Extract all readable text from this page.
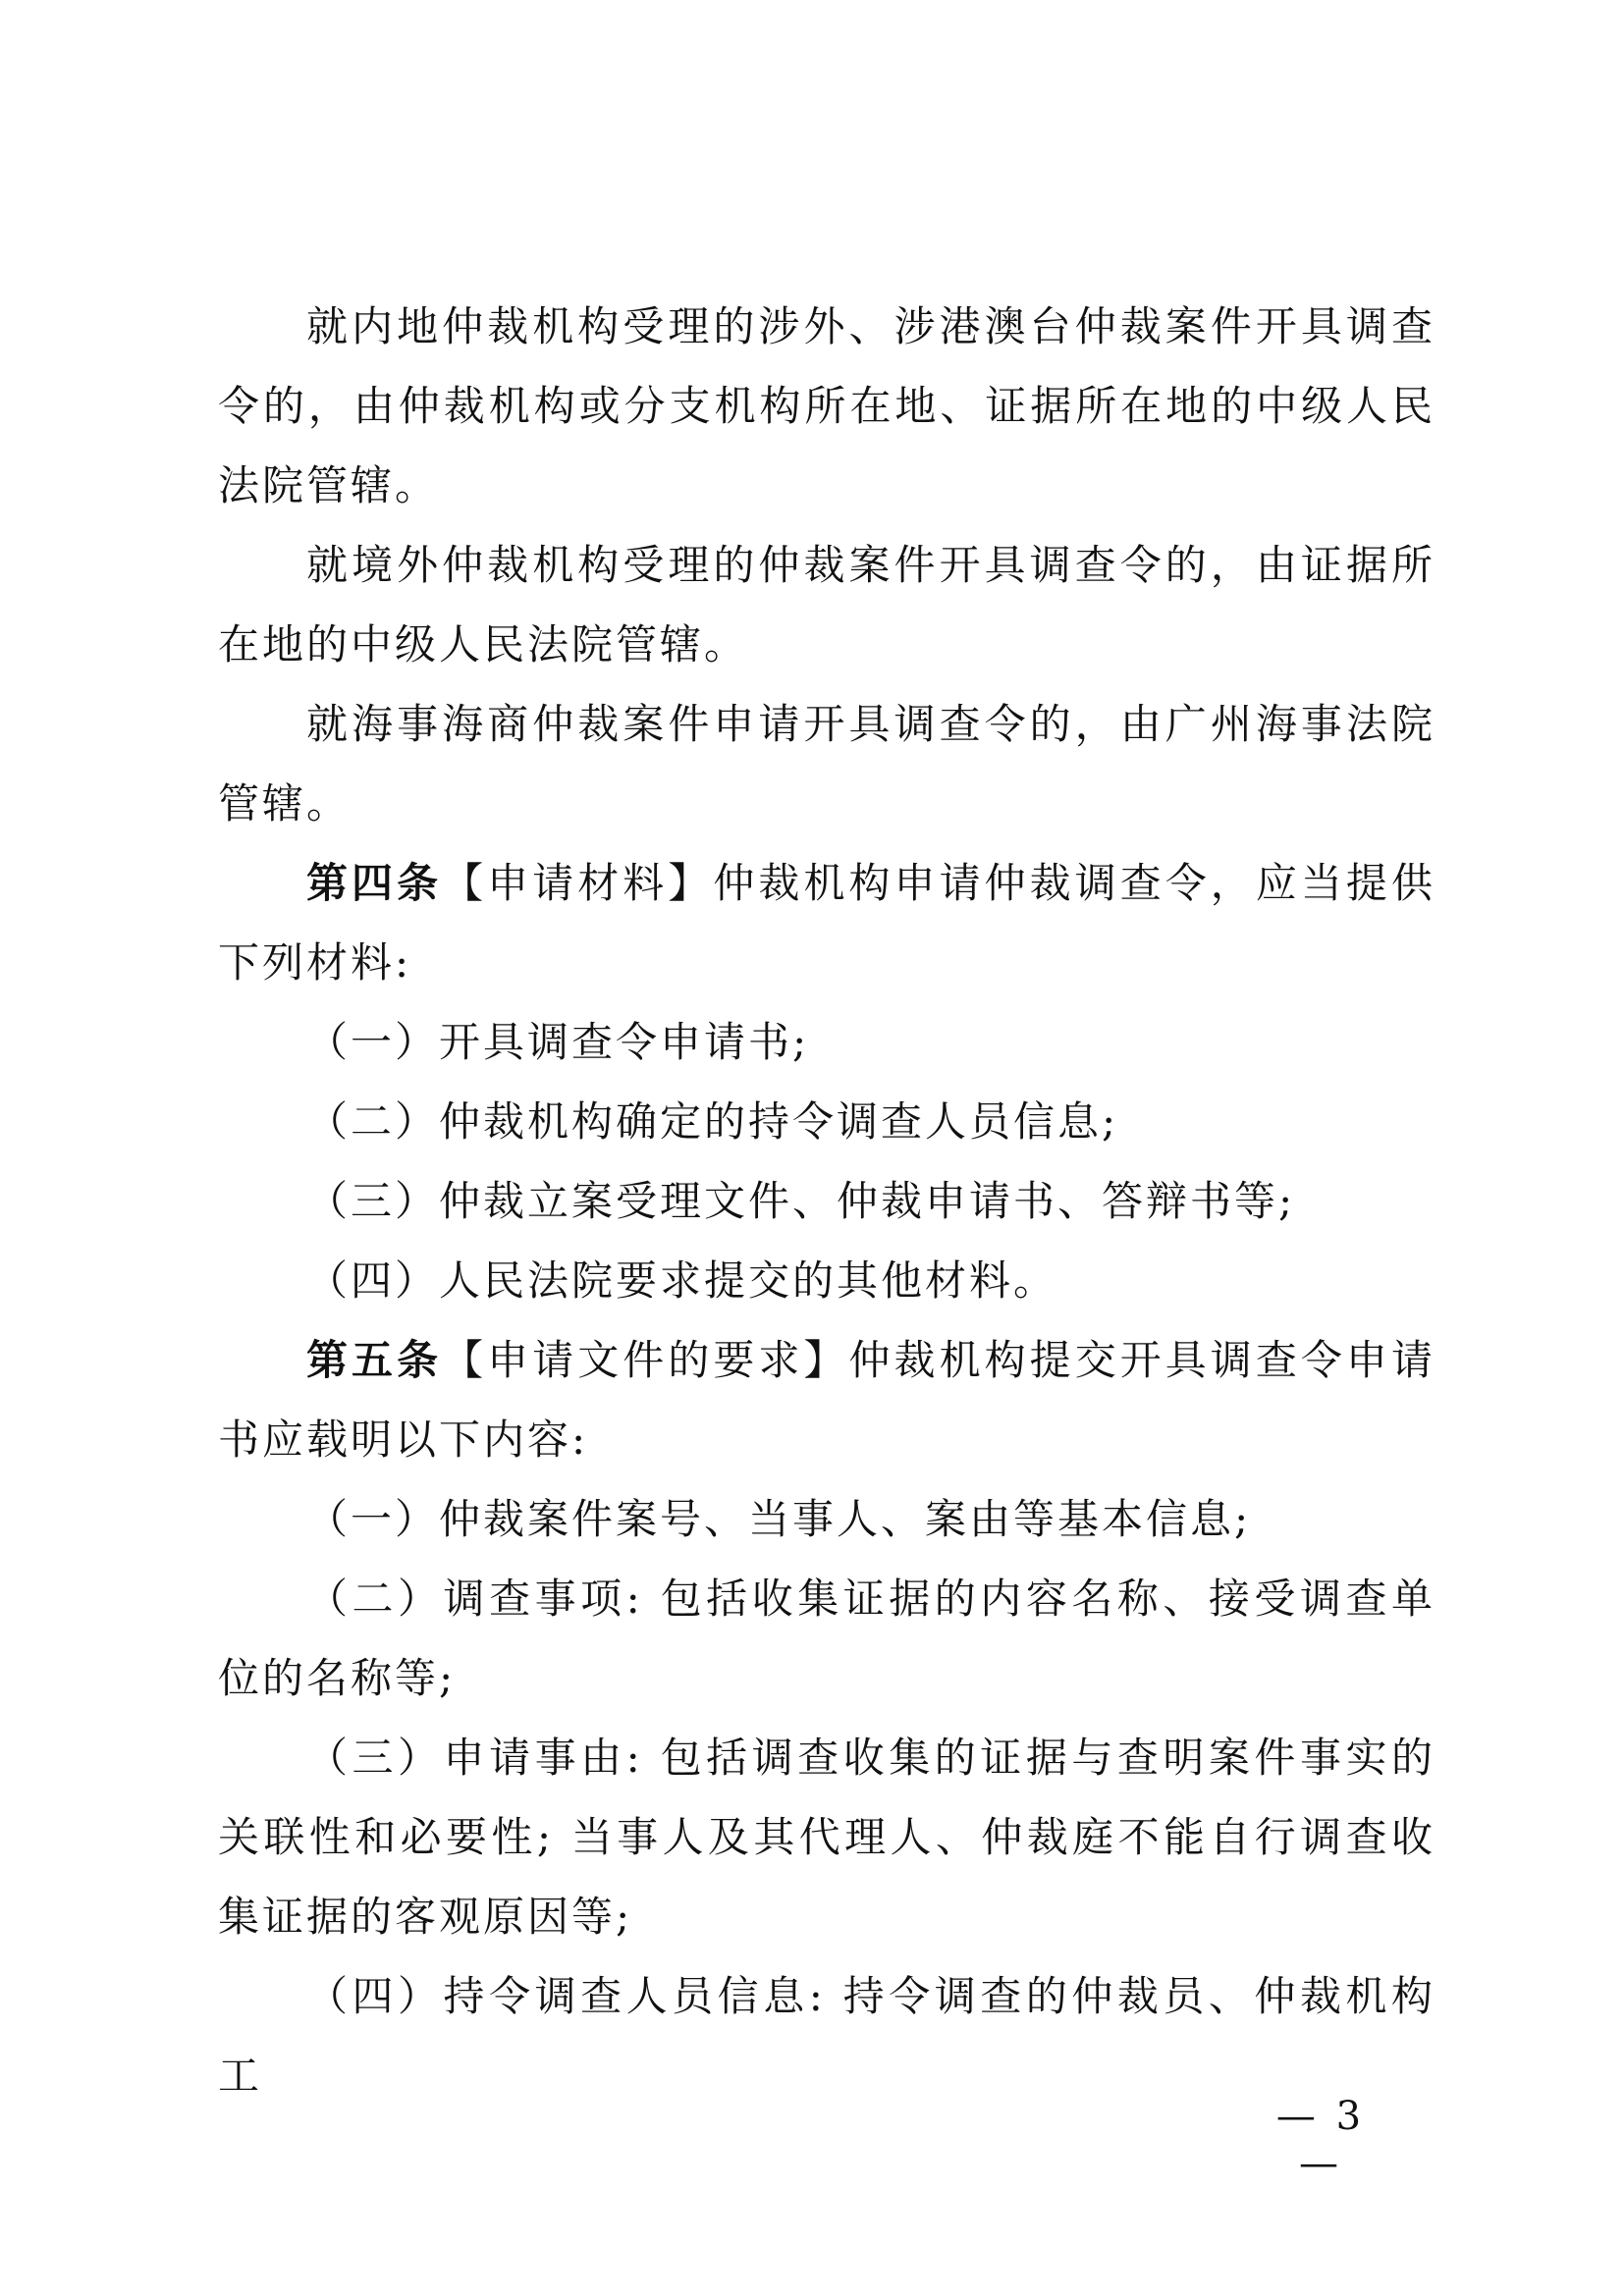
就内地仲裁机构受理的涉外、涉港澳台仲裁案件开具调查令的，由仲裁机构或分支机构所在地、证据所在地的中级人民法院管辖。

就境外仲裁机构受理的仲裁案件开具调查令的，由证据所在地的中级人民法院管辖。

就海事海商仲裁案件申请开具调查令的，由广州海事法院管辖。

第四条【申请材料】仲裁机构申请仲裁调查令，应当提供下列材料:

（一）开具调查令申请书;

（二）仲裁机构确定的持令调查人员信息;

（三）仲裁立案受理文件、仲裁申请书、答辩书等;

（四）人民法院要求提交的其他材料。

第五条【申请文件的要求】仲裁机构提交开具调查令申请书应载明以下内容:

（一）仲裁案件案号、当事人、案由等基本信息;

（二）调查事项: 包括收集证据的内容名称、接受调查单位的名称等;

（三）申请事由: 包括调查收集的证据与查明案件事实的关联性和必要性; 当事人及其代理人、仲裁庭不能自行调查收集证据的客观原因等;

（四）持令调查人员信息: 持令调查的仲裁员、仲裁机构工

— 3 —
